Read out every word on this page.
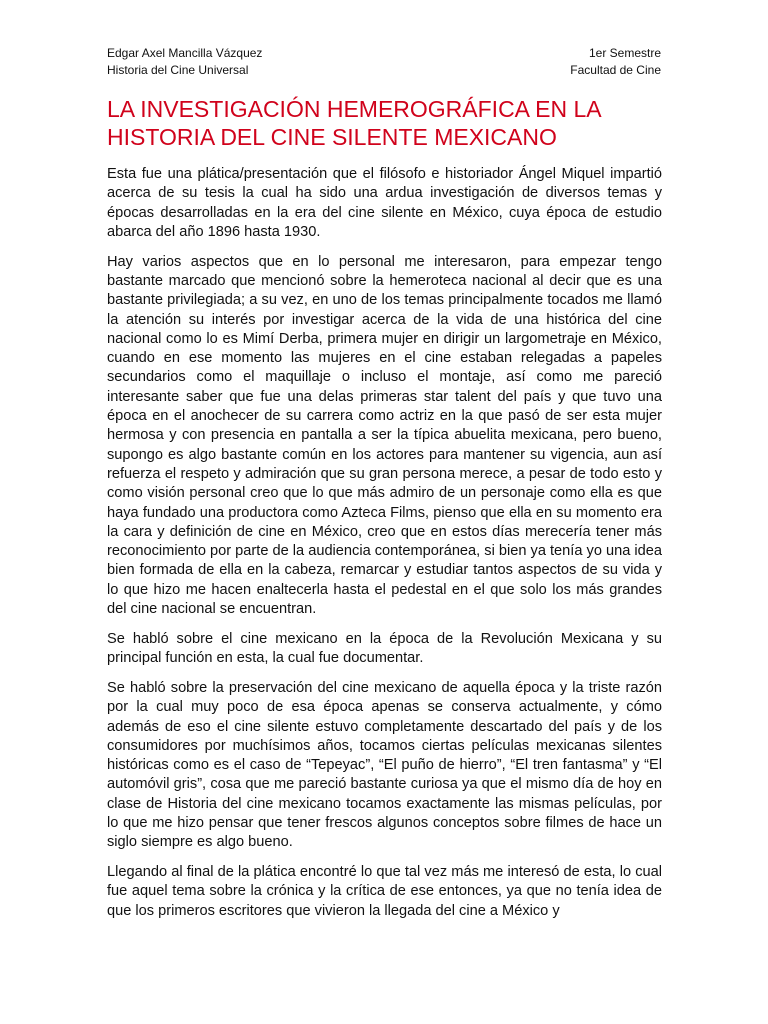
Edgar Axel Mancilla Vázquez
Historia del Cine Universal
1er Semestre
Facultad de Cine
LA INVESTIGACIÓN HEMEROGRÁFICA EN LA HISTORIA DEL CINE SILENTE MEXICANO

Esta fue una plática/presentación que el filósofo e historiador Ángel Miquel impartió acerca de su tesis la cual ha sido una ardua investigación de diversos temas y épocas desarrolladas en la era del cine silente en México, cuya época de estudio abarca del año 1896 hasta 1930.

Hay varios aspectos que en lo personal me interesaron, para empezar tengo bastante marcado que mencionó sobre la hemeroteca nacional al decir que es una bastante privilegiada; a su vez, en uno de los temas principalmente tocados me llamó la atención su interés por investigar acerca de la vida de una histórica del cine nacional como lo es Mimí Derba, primera mujer en dirigir un largometraje en México, cuando en ese momento las mujeres en el cine estaban relegadas a papeles secundarios como el maquillaje o incluso el montaje, así como me pareció interesante saber que fue una delas primeras star talent del país y que tuvo una época en el anochecer de su carrera como actriz en la que pasó de ser esta mujer hermosa y con presencia en pantalla a ser la típica abuelita mexicana, pero bueno, supongo es algo bastante común en los actores para mantener su vigencia, aun así refuerza el respeto y admiración que su gran persona merece, a pesar de todo esto y como visión personal creo que lo que más admiro de un personaje como ella es que haya fundado una productora como Azteca Films, pienso que ella en su momento era la cara y definición de cine en México, creo que en estos días merecería tener más reconocimiento por parte de la audiencia contemporánea, si bien ya tenía yo una idea bien formada de ella en la cabeza, remarcar y estudiar tantos aspectos de su vida y lo que hizo me hacen enaltecerla hasta el pedestal en el que solo los más grandes del cine nacional se encuentran.

Se habló sobre el cine mexicano en la época de la Revolución Mexicana y su principal función en esta, la cual fue documentar.

Se habló sobre la preservación del cine mexicano de aquella época y la triste razón por la cual muy poco de esa época apenas se conserva actualmente, y cómo además de eso el cine silente estuvo completamente descartado del país y de los consumidores por muchísimos años, tocamos ciertas películas mexicanas silentes históricas como es el caso de “Tepeyac”, “El puño de hierro”, “El tren fantasma” y “El automóvil gris”, cosa que me pareció bastante curiosa ya que el mismo día de hoy en clase de Historia del cine mexicano tocamos exactamente las mismas películas, por lo que me hizo pensar que tener frescos algunos conceptos sobre filmes de hace un siglo siempre es algo bueno.

Llegando al final de la plática encontré lo que tal vez más me interesó de esta, lo cual fue aquel tema sobre la crónica y la crítica de ese entonces, ya que no tenía idea de que los primeros escritores que vivieron la llegada del cine a México y
